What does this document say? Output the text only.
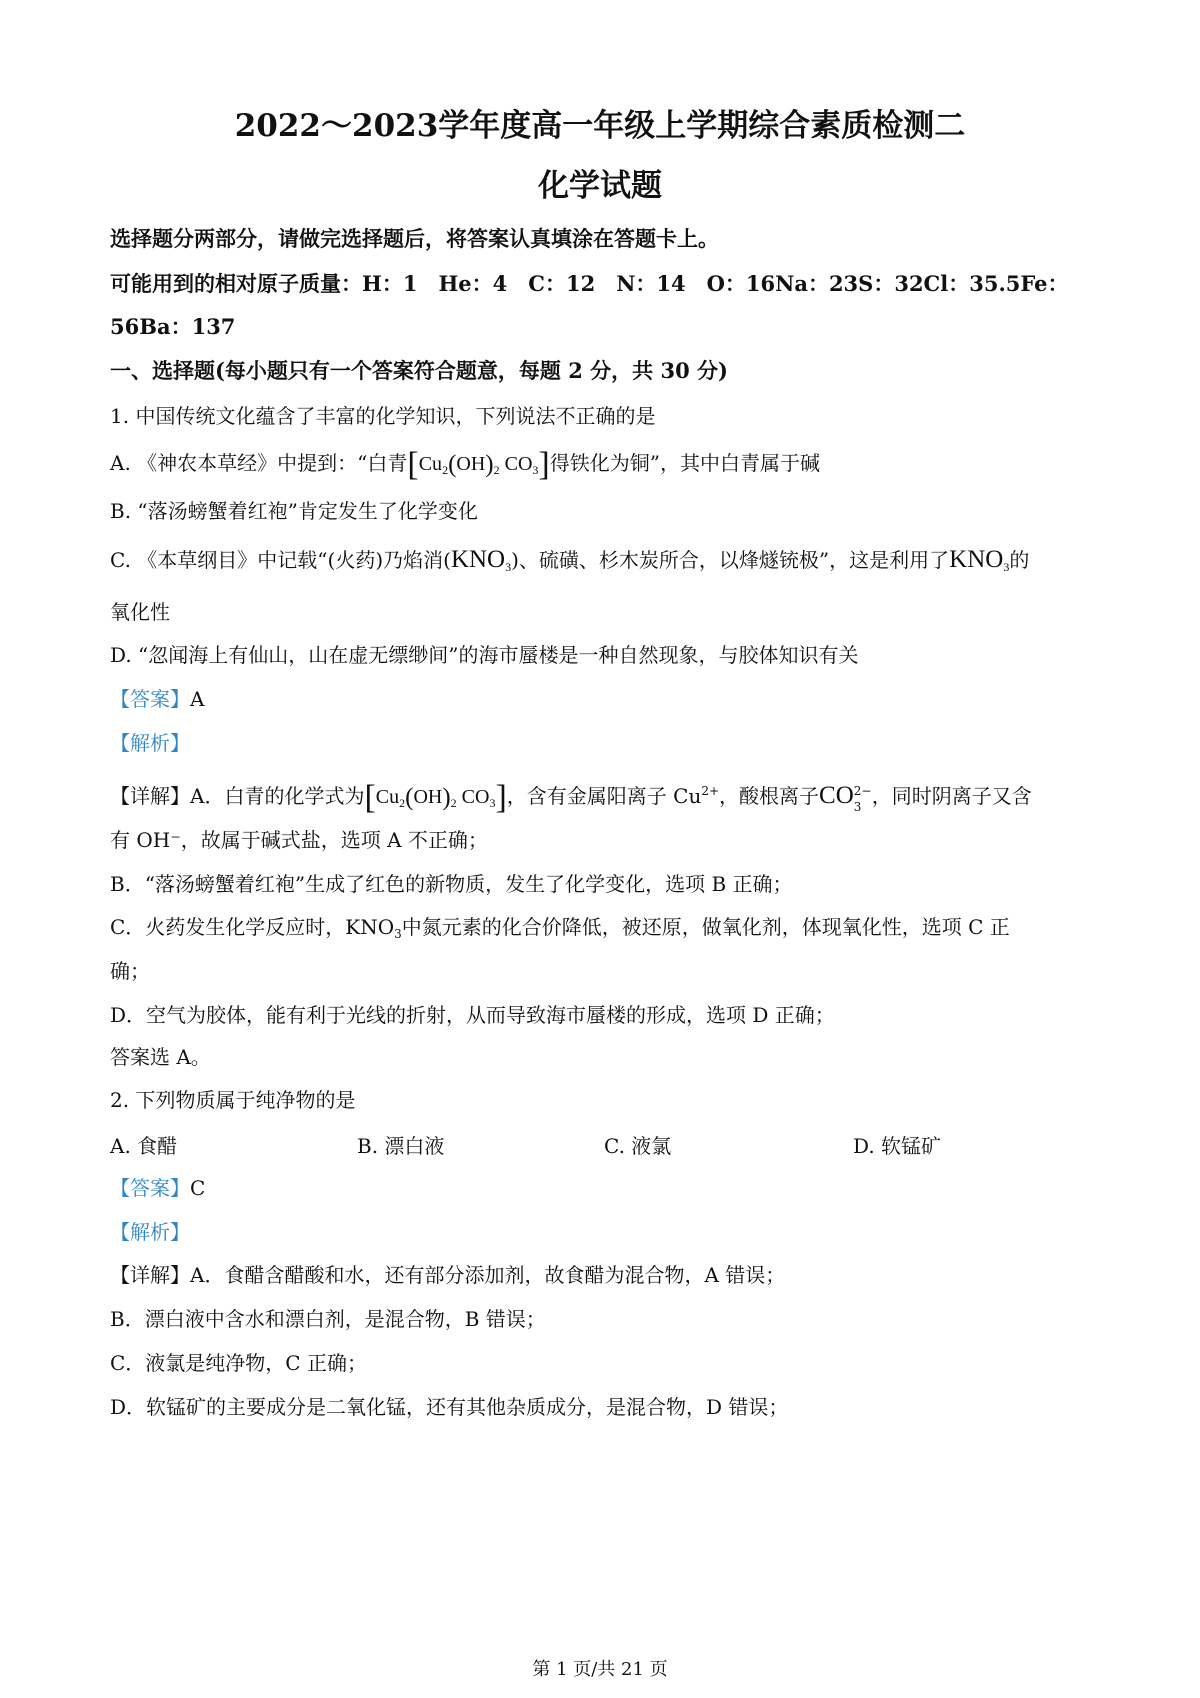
2022～2023学年度高一年级上学期综合素质检测二
化学试题
选择题分两部分，请做完选择题后，将答案认真填涂在答题卡上。
可能用到的相对原子质量：H：1　He：4　C：12　N：14　O：16Na：23S：32Cl：35.5Fe：
56Ba：137
一、选择题(每小题只有一个答案符合题意，每题 2 分，共 30 分)
1. 中国传统文化蕴含了丰富的化学知识，下列说法不正确的是
A. 《神农本草经》中提到：“白青[$Cu_2(OH)_2$ $CO_3$]得铁化为铜”，其中白青属于碱
B. “落汤螃蟹着红袍”肯定发生了化学变化
C. 《本草纲目》中记载“(火药)乃焰消$(KNO_3)$、硫磺、杉木炭所合，以烽燧铳极”，这是利用了$KNO_3$的
氧化性
D. “忽闻海上有仙山，山在虚无缥缈间”的海市蜃楼是一种自然现象，与胶体知识有关
【答案】A
【解析】
【详解】A．白青的化学式为[$Cu_2(OH)_2$ $CO_3$]，含有金属阳离子 $Cu^{2+}$，酸根离子CO 2−
3 ，同时阴离子又含
有 OH⁻，故属于碱式盐，选项 A 不正确；
B．“落汤螃蟹着红袍”生成了红色的新物质，发生了化学变化，选项 B 正确；
C．火药发生化学反应时，$KNO_3$中氮元素的化合价降低，被还原，做氧化剂，体现氧化性，选项 C 正
确；
D．空气为胶体，能有利于光线的折射，从而导致海市蜃楼的形成，选项 D 正确；
答案选 A。
2. 下列物质属于纯净物的是
A. 食醋	B. 漂白液	C. 液氯	D. 软锰矿
【答案】C
【解析】
【详解】A．食醋含醋酸和水，还有部分添加剂，故食醋为混合物，A 错误；
B．漂白液中含水和漂白剂，是混合物，B 错误；
C．液氯是纯净物，C 正确；
D．软锰矿的主要成分是二氧化锰，还有其他杂质成分，是混合物，D 错误；
第 1 页/共 21 页
